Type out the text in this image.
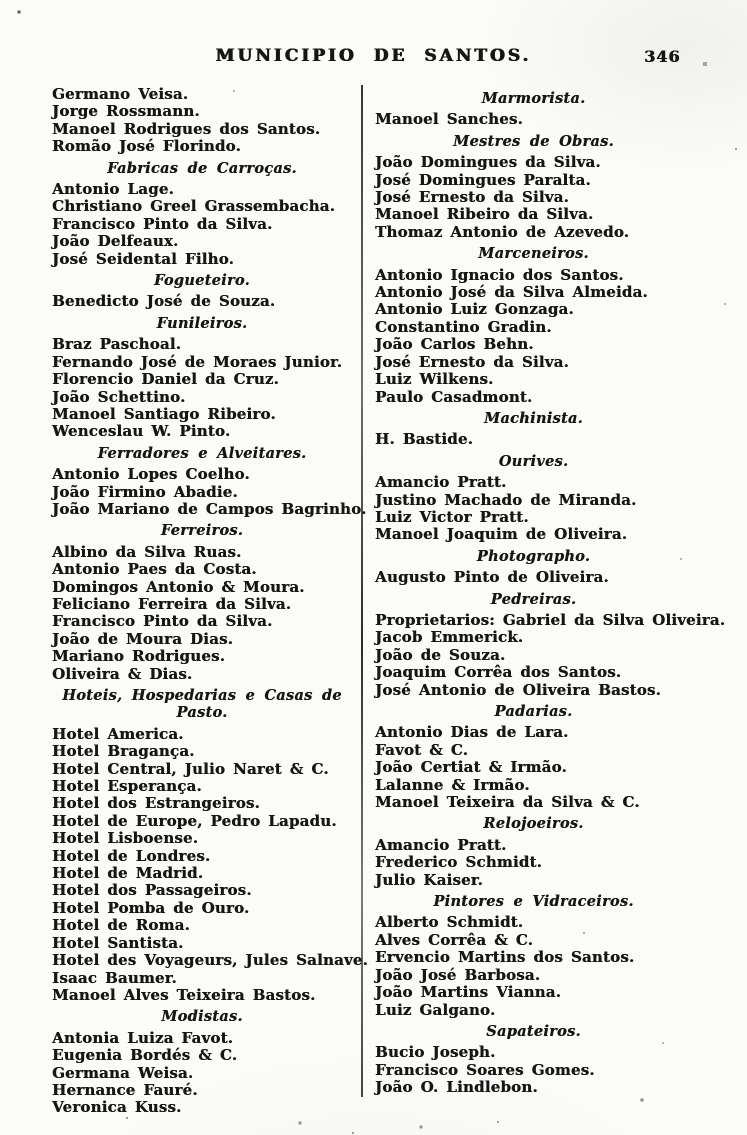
MUNICIPIO DE SANTOS.	346
Germano Veisa.
Jorge Rossmann.
Manoel Rodrigues dos Santos.
Romão José Florindo.
Fabricas de Carroças.
Antonio Lage.
Christiano Greel Grassembacha.
Francisco Pinto da Silva.
João Delfeaux.
José Seidental Filho.
Fogueteiro.
Benedicto José de Souza.
Funileiros.
Braz Paschoal.
Fernando José de Moraes Junior.
Florencio Daniel da Cruz.
João Schettino.
Manoel Santiago Ribeiro.
Wenceslau W. Pinto.
Ferradores e Alveitares.
Antonio Lopes Coelho.
João Firmino Abadie.
João Mariano de Campos Bagrinho.
Ferreiros.
Albino da Silva Ruas.
Antonio Paes da Costa.
Domingos Antonio & Moura.
Feliciano Ferreira da Silva.
Francisco Pinto da Silva.
João de Moura Dias.
Mariano Rodrigues.
Oliveira & Dias.
Hoteis, Hospedarias e Casas de Pasto.
Hotel America.
Hotel Bragança.
Hotel Central, Julio Naret & C.
Hotel Esperança.
Hotel dos Estrangeiros.
Hotel de Europe, Pedro Lapadu.
Hotel Lisboense.
Hotel de Londres.
Hotel de Madrid.
Hotel dos Passageiros.
Hotel Pomba de Ouro.
Hotel de Roma.
Hotel Santista.
Hotel des Voyageurs, Jules Salnave.
Isaac Baumer.
Manoel Alves Teixeira Bastos.
Modistas.
Antonia Luiza Favot.
Eugenia Bordés & C.
Germana Weisa.
Hernance Fauré.
Veronica Kuss.
Marmorista.
Manoel Sanches.
Mestres de Obras.
João Domingues da Silva.
José Domingues Paralta.
José Ernesto da Silva.
Manoel Ribeiro da Silva.
Thomaz Antonio de Azevedo.
Marceneiros.
Antonio Ignacio dos Santos.
Antonio José da Silva Almeida.
Antonio Luiz Gonzaga.
Constantino Gradin.
João Carlos Behn.
José Ernesto da Silva.
Luiz Wilkens.
Paulo Casadmont.
Machinista.
H. Bastide.
Ourives.
Amancio Pratt.
Justino Machado de Miranda.
Luiz Victor Pratt.
Manoel Joaquim de Oliveira.
Photographo.
Augusto Pinto de Oliveira.
Pedreiras.
Proprietarios: Gabriel da Silva Oliveira.
Jacob Emmerick.
João de Souza.
Joaquim Corrêa dos Santos.
José Antonio de Oliveira Bastos.
Padarias.
Antonio Dias de Lara.
Favot & C.
João Certiat & Irmão.
Lalanne & Irmão.
Manoel Teixeira da Silva & C.
Relojoeiros.
Amancio Pratt.
Frederico Schmidt.
Julio Kaiser.
Pintores e Vidraceiros.
Alberto Schmidt.
Alves Corrêa & C.
Ervencio Martins dos Santos.
João José Barbosa.
João Martins Vianna.
Luiz Galgano.
Sapateiros.
Bucio Joseph.
Francisco Soares Gomes.
João O. Lindlebon.
